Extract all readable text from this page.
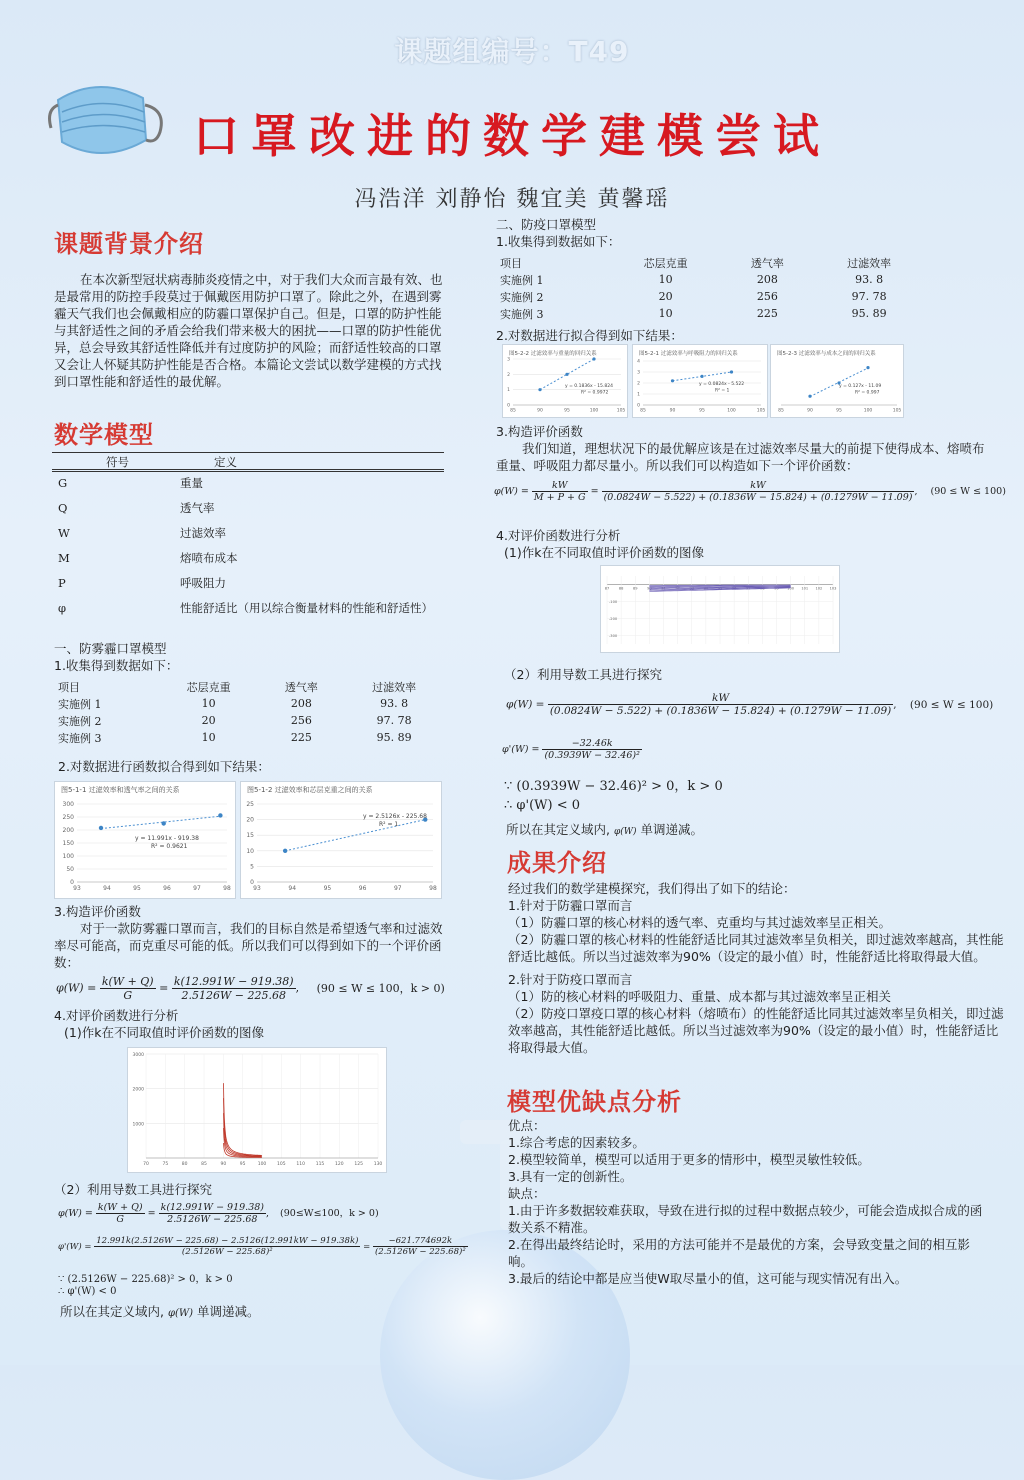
课题组编号：T49
口罩改进的数学建模尝试
冯浩洋 刘静怡 魏宜美 黄馨瑶
课题背景介绍
在本次新型冠状病毒肺炎疫情之中，对于我们大众而言最有效、也是最常用的防控手段莫过于佩戴医用防护口罩了。除此之外，在遇到雾霾天气我们也会佩戴相应的防霾口罩保护自己。但是，口罩的防护性能与其舒适性之间的矛盾会给我们带来极大的困扰——口罩的防护性能优异，总会导致其舒适性降低并有过度防护的风险；而舒适性较高的口罩又会让人怀疑其防护性能是否合格。本篇论文尝试以数学建模的方式找到口罩性能和舒适性的最优解。
数学模型
符号	定义
G	重量
Q	透气率
W	过滤效率
M	熔喷布成本
P	呼吸阻力
φ	性能舒适比（用以综合衡量材料的性能和舒适性）
一、防雾霾口罩模型
1.收集得到数据如下：
项目	芯层克重	透气率	过滤效率
实施例 1	10	208	93. 8
实施例 2	20	256	97. 78
实施例 3	10	225	95. 89
2.对数据进行函数拟合得到如下结果：
图5-1-1 过滤效率和透气率之间的关系
0
50
100
150
200
250
300
93	94	95	96	97	98
y = 11.991x - 919.38
R² = 0.9621
图5-1-2 过滤效率和芯层克重之间的关系
0
5
10
15
20
25
93	94	95	96	97	98
y = 2.5126x - 225.68
R² = 1
3.构造评价函数
对于一款防雾霾口罩而言，我们的目标自然是希望透气率和过滤效率尽可能高，而克重尽可能的低。所以我们可以得到如下的一个评价函数：
$\varphi(W) = \frac{k(W + Q)}{G} = \frac{k(12.991W - 919.38)}{2.5126W - 225.68}$ , (90 ≤ W ≤ 100，k > 0)
4.对评价函数进行分析
(1)作k在不同取值时评价函数的图像
1000
2000
3000
70	75	80	85	90	95	100 105 110 115 120 125 130
（2）利用导数工具进行探究
$\varphi(W) = \frac{k(W + Q)}{G} = \frac{k(12.991W - 919.38)}{2.5126W - 225.68}$ , (90≤W≤100，k > 0)
$\varphi'(W) = \frac{12.991k(2.5126W - 225.68) - 2.5126(12.991kW - 919.38k)}{\text{(2.5126W − 225.68)²}} = \frac{-621.774692k}{\text{(2.5126W − 225.68)²}}$
∵ (2.5126W − 225.68)² > 0，k > 0
∴ φ'(W) < 0
所以在其定义域内, φ(W) 单调递减。
二、防疫口罩模型
1.收集得到数据如下：
项目	芯层克重	透气率	过滤效率
实施例 1	10	208	93. 8
实施例 2	20	256	97. 78
实施例 3	10	225	95. 89
2.对数据进行拟合得到如下结果：
图5-2-2 过滤效率与重量的回归关系
0
1
2
3
85	90	95	100	105
y = 0.1836x - 15.824
R² = 0.9972
图5-2-1 过滤效率与呼吸阻力的回归关系
0
1
2
3
4
85	90	95	100	105
y = 0.0824x - 5.522
R² = 1
图5-2-3 过滤效率与成本之间的回归关系
85	90	95	100	105
y = 0.127x - 11.09
R² = 0.997
3.构造评价函数
我们知道，理想状况下的最优解应该是在过滤效率尽量大的前提下使得成本、熔喷布重量、呼吸阻力都尽量小。所以我们可以构造如下一个评价函数：
$\varphi(W) = \frac{kW}{M + P + G} = \frac{kW}{(0.0824W - 5.522) + (0.1836W - 15.824) + (0.1279W - 11.09)}$ , (90 ≤ W ≤ 100)
4.对评价函数进行分析
(1)作k在不同取值时评价函数的图像
87	88	89	90	91	92	93	94	95	96	97	98	99 100 101 102 103
-100
-200
-300
（2）利用导数工具进行探究
$\varphi(W) = \frac{kW}{(0.0824W - 5.522) + (0.1836W - 15.824) + (0.1279W - 11.09)}$ , (90 ≤ W ≤ 100)
$\varphi'(W) = \frac{-32.46k}{\text{(0.3939W − 32.46)²}}$
∵ (0.3939W − 32.46)² > 0，k > 0
∴ φ'(W) < 0
所以在其定义域内, φ(W) 单调递减。
成果介绍
经过我们的数学建模探究，我们得出了如下的结论：
1.针对于防霾口罩而言
（1）防霾口罩的核心材料的透气率、克重均与其过滤效率呈正相关。
（2）防霾口罩的核心材料的性能舒适比同其过滤效率呈负相关，即过滤效率越高，其性能舒适比越低。所以当过滤效率为90%（设定的最小值）时，性能舒适比将取得最大值。
2.针对于防疫口罩而言
（1）防的核心材料的呼吸阻力、重量、成本都与其过滤效率呈正相关
（2）防疫口罩疫口罩的核心材料（熔喷布）的性能舒适比同其过滤效率呈负相关，即过滤效率越高，其性能舒适比越低。所以当过滤效率为90%（设定的最小值）时，性能舒适比将取得最大值。
模型优缺点分析
优点：
1.综合考虑的因素较多。
2.模型较简单，模型可以适用于更多的情形中，模型灵敏性较低。
3.具有一定的创新性。
缺点：
1.由于许多数据较难获取，导致在进行拟的过程中数据点较少，可能会造成拟合成的函数关系不精准。
2.在得出最终结论时，采用的方法可能并不是最优的方案，会导致变量之间的相互影响。
3.最后的结论中都是应当使W取尽量小的值，这可能与现实情况有出入。
